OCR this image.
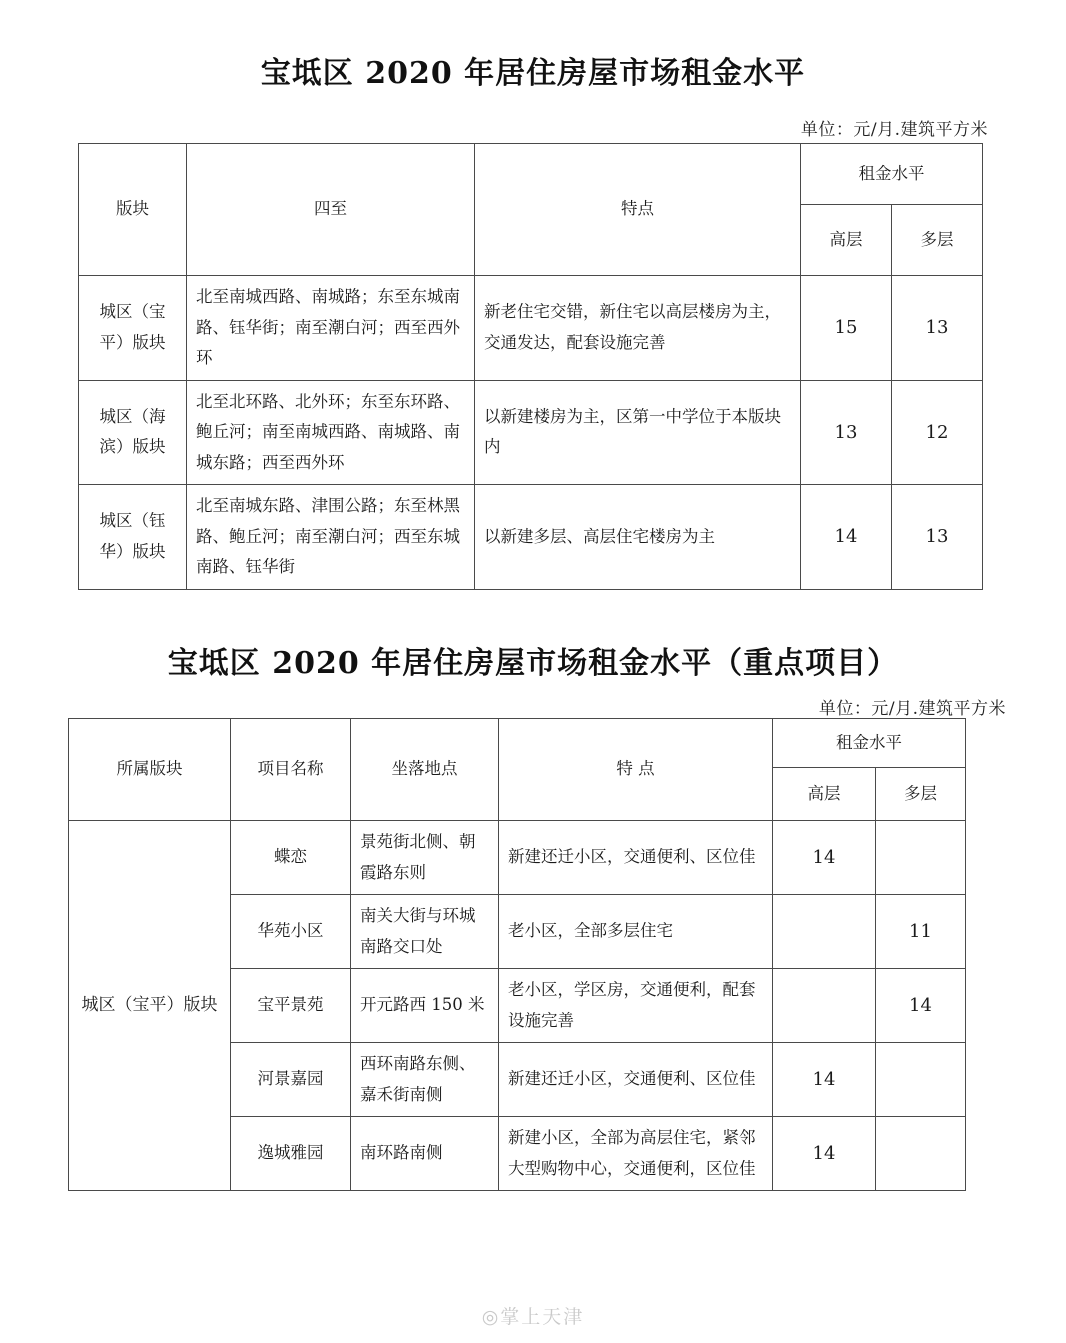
宝坻区 2020 年居住房屋市场租金水平
单位：元/月.建筑平方米
版块	四至	特点	租金水平	
			高层	多层
城区（宝平）版块	北至南城西路、南城路；东至东城南路、钰华街；南至潮白河；西至西外环	新老住宅交错，新住宅以高层楼房为主，交通发达，配套设施完善	15	13
城区（海滨）版块	北至北环路、北外环；东至东环路、鲍丘河；南至南城西路、南城路、南城东路；西至西外环	以新建楼房为主，区第一中学位于本版块内	13	12
城区（钰华）版块	北至南城东路、津围公路；东至林黑路、鲍丘河；南至潮白河；西至东城南路、钰华街	以新建多层、高层住宅楼房为主	14	13
宝坻区 2020 年居住房屋市场租金水平（重点项目）
单位：元/月.建筑平方米
所属版块	项目名称	坐落地点	特 点	租金水平	
				高层	多层
城区（宝平）版块	蝶恋	景苑街北侧、朝霞路东则	新建还迁小区，交通便利、区位佳	14	
	华苑小区	南关大街与环城南路交口处	老小区，全部多层住宅		11
	宝平景苑	开元路西 150 米	老小区，学区房，交通便利，配套设施完善		14
	河景嘉园	西环南路东侧、嘉禾街南侧	新建还迁小区，交通便利、区位佳	14	
	逸城雅园	南环路南侧	新建小区，全部为高层住宅，紧邻大型购物中心，交通便利，区位佳	14	
◎掌上天津
